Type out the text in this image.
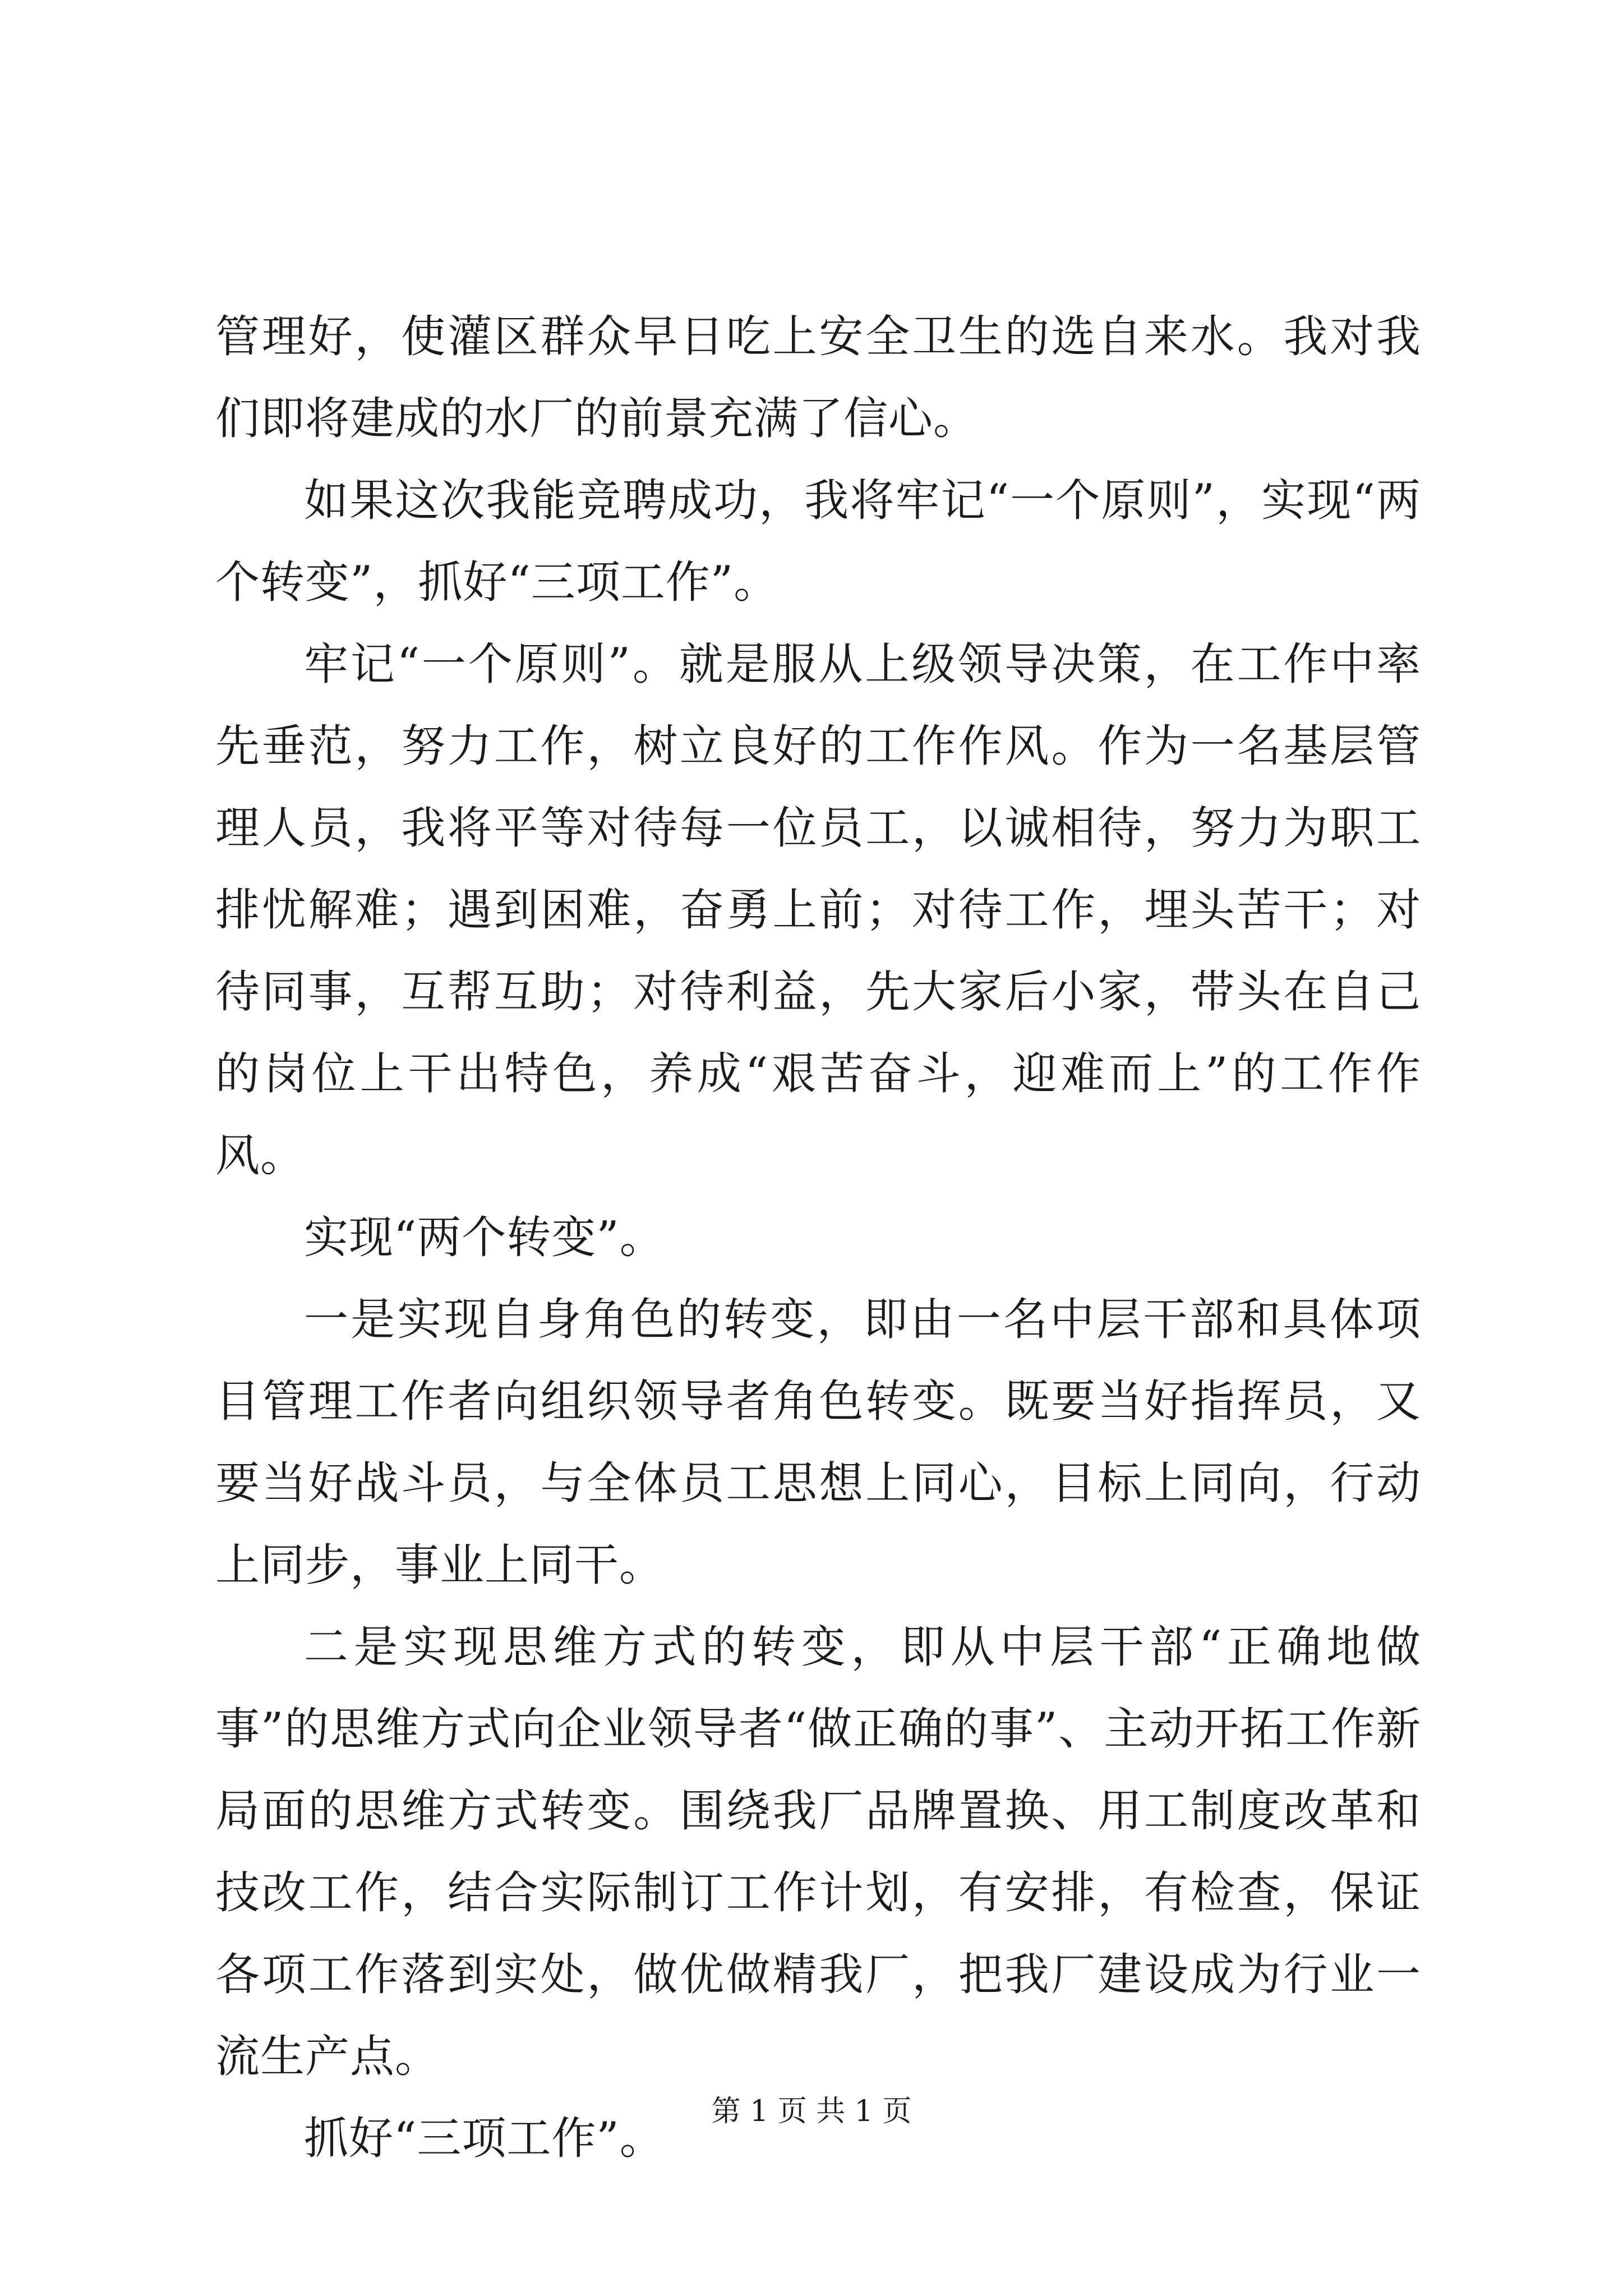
管理好，使灌区群众早日吃上安全卫生的选自来水。我对我们即将建成的水厂的前景充满了信心。

如果这次我能竞聘成功，我将牢记“一个原则”，实现“两个转变”，抓好“三项工作”。

牢记“一个原则”。就是服从上级领导决策，在工作中率先垂范，努力工作，树立良好的工作作风。作为一名基层管理人员，我将平等对待每一位员工，以诚相待，努力为职工排忧解难；遇到困难，奋勇上前；对待工作，埋头苦干；对待同事，互帮互助；对待利益，先大家后小家，带头在自己的岗位上干出特色，养成“艰苦奋斗，迎难而上”的工作作风。

实现“两个转变”。

一是实现自身角色的转变，即由一名中层干部和具体项目管理工作者向组织领导者角色转变。既要当好指挥员，又要当好战斗员，与全体员工思想上同心，目标上同向，行动上同步，事业上同干。

二是实现思维方式的转变，即从中层干部“正确地做事”的思维方式向企业领导者“做正确的事”、主动开拓工作新局面的思维方式转变。围绕我厂品牌置换、用工制度改革和技改工作，结合实际制订工作计划，有安排，有检查，保证各项工作落到实处，做优做精我厂，把我厂建设成为行业一流生产点。

抓好“三项工作”。

第 1 页 共 1 页
